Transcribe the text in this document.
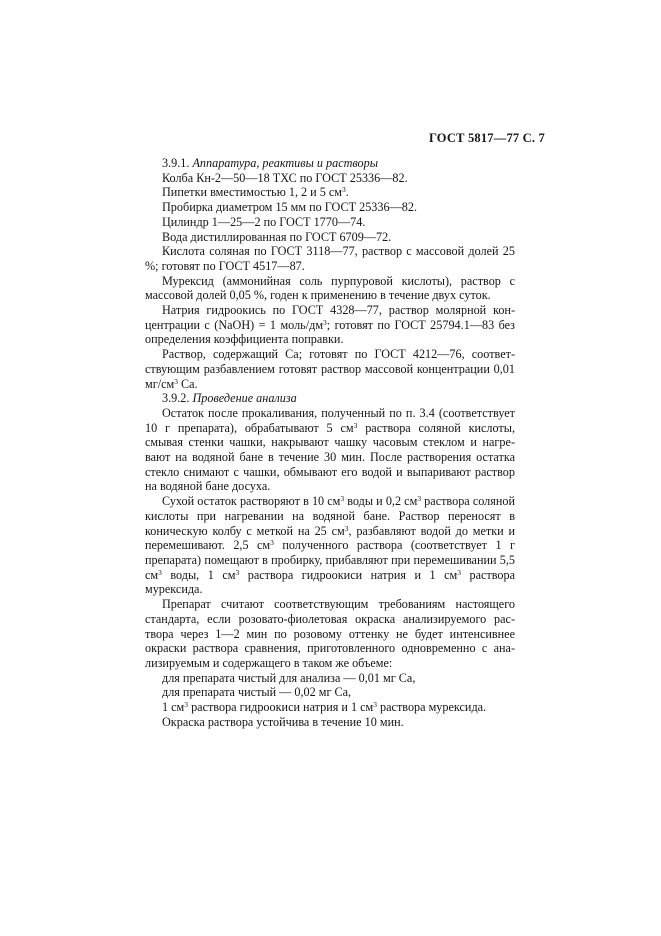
ГОСТ 5817—77 С. 7

3.9.1. Аппаратура, реактивы и растворы

Колба Кн-2—50—18 ТХС по ГОСТ 25336—82.

Пипетки вместимостью 1, 2 и 5 $см^3$.

Пробирка диаметром 15 мм по ГОСТ 25336—82.

Цилиндр 1—25—2 по ГОСТ 1770—74.

Вода дистиллированная по ГОСТ 6709—72.

Кислота соляная по ГОСТ 3118—77, раствор с массовой долей 25 %; готовят по ГОСТ 4517—87.

Мурексид (аммонийная соль пурпуровой кислоты), раствор с массовой долей 0,05 %, годен к применению в течение двух суток.

Натрия гидроокись по ГОСТ 4328—77, раствор молярной концентрации c (NaOH) = 1 моль/$дм^3$; готовят по ГОСТ 25794.1—83 без определения коэффициента поправки.

Раствор, содержащий Са; готовят по ГОСТ 4212—76, соответствующим разбавлением готовят раствор массовой концентрации 0,01 $мг/см^3$ Са.

3.9.2. Проведение анализа

Остаток после прокаливания, полученный по п. 3.4 (соответствует 10 г препарата), обрабатывают 5 $см^3$ раствора соляной кислоты, смывая стенки чашки, накрывают чашку часовым стеклом и нагревают на водяной бане в течение 30 мин. После растворения остатка стекло снимают с чашки, обмывают его водой и выпаривают раствор на водяной бане досуха.

Сухой остаток растворяют в 10 $см^3$ воды и 0,2 $см^3$ раствора соляной кислоты при нагревании на водяной бане. Раствор переносят в коническую колбу с меткой на 25 $см^3$, разбавляют водой до метки и перемешивают. 2,5 $см^3$ полученного раствора (соответствует 1 г препарата) помещают в пробирку, прибавляют при перемешивании 5,5 $см^3$ воды, 1 $см^3$ раствора гидроокиси натрия и 1 $см^3$ раствора мурексида.

Препарат считают соответствующим требованиям настоящего стандарта, если розовато-фиолетовая окраска анализируемого раствора через 1—2 мин по розовому оттенку не будет интенсивнее окраски раствора сравнения, приготовленного одновременно с анализируемым и содержащего в таком же объеме:

для препарата чистый для анализа — 0,01 мг Са,

для препарата чистый — 0,02 мг Са,

1 $см^3$ раствора гидроокиси натрия и 1 $см^3$ раствора мурексида.

Окраска раствора устойчива в течение 10 мин.
